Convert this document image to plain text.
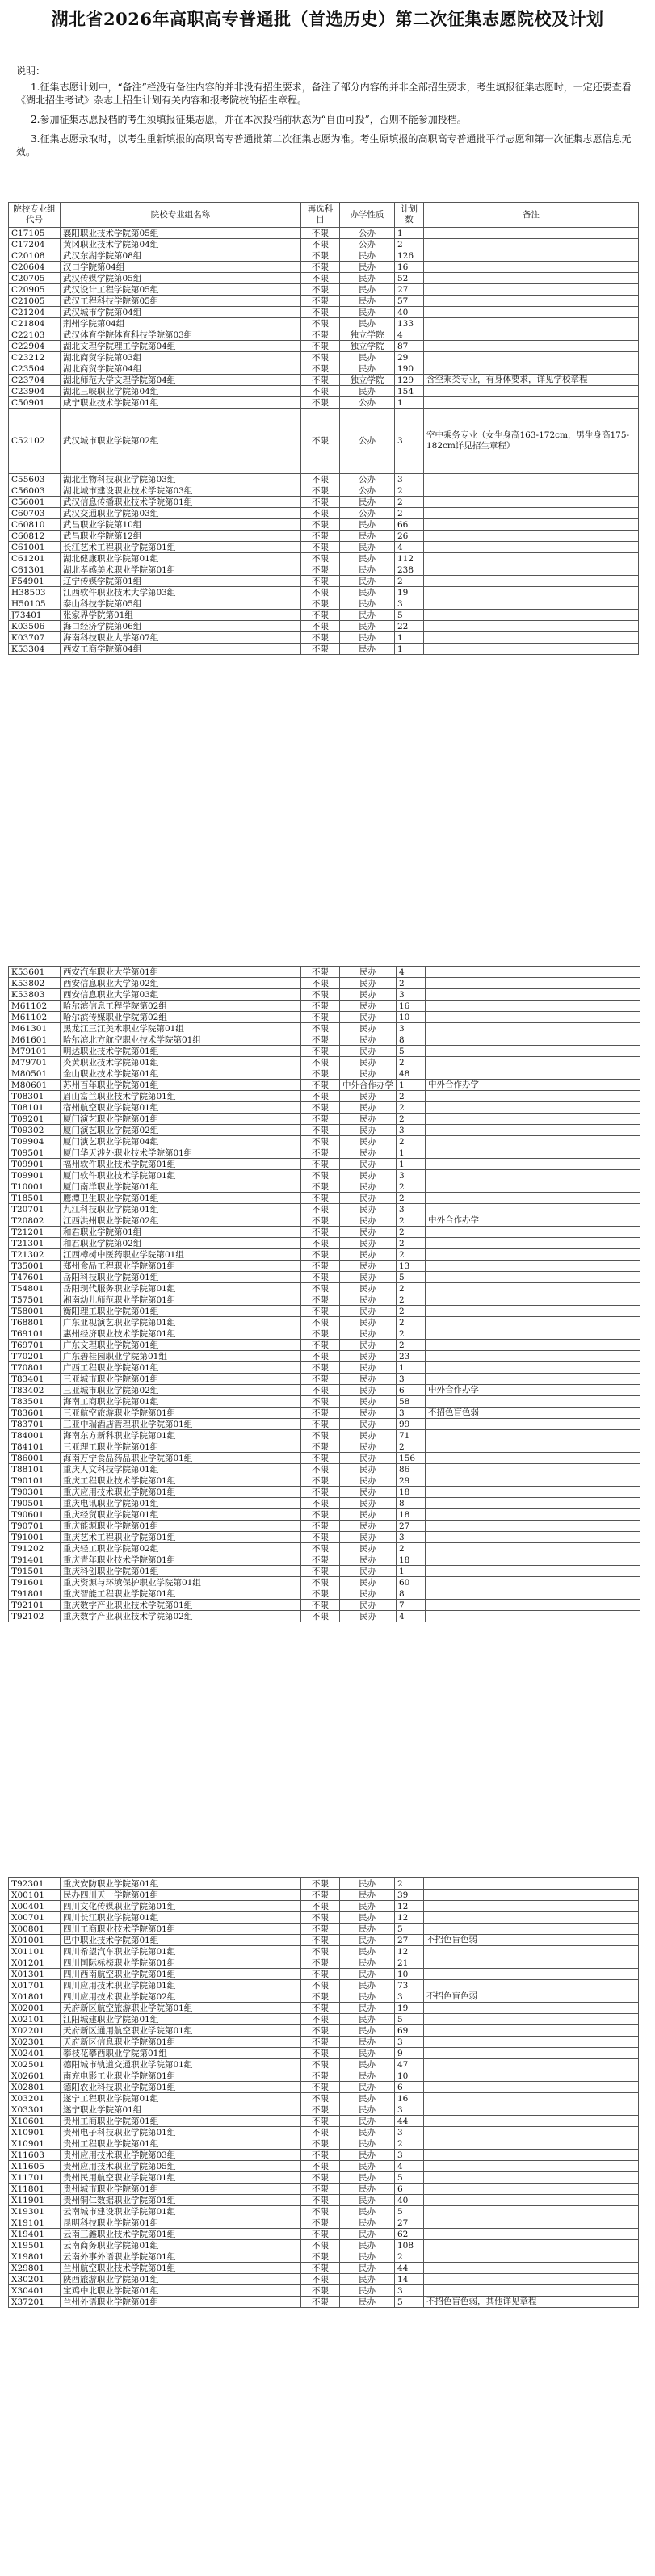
湖北省2026年高职高专普通批（首选历史）第二次征集志愿院校及计划

说明：

1.征集志愿计划中，“备注”栏没有备注内容的并非没有招生要求，备注了部分内容的并非全部招生要求，考生填报征集志愿时，一定还要查看《湖北招生考试》杂志上招生计划有关内容和报考院校的招生章程。

2.参加征集志愿投档的考生须填报征集志愿，并在本次投档前状态为“自由可投”，否则不能参加投档。

3.征集志愿录取时，以考生重新填报的高职高专普通批第二次征集志愿为准。考生原填报的高职高专普通批平行志愿和第一次征集志愿信息无效。

院校专业组代号	院校专业组名称	再选科目	办学性质	计划数	备注
C17105	襄阳职业技术学院第05组	不限	公办	1	
C17204	黄冈职业技术学院第04组	不限	公办	2	
C20108	武汉东湖学院第08组	不限	民办	126	
C20604	汉口学院第04组	不限	民办	16	
C20705	武汉传媒学院第05组	不限	民办	52	
C20905	武汉设计工程学院第05组	不限	民办	27	
C21005	武汉工程科技学院第05组	不限	民办	57	
C21204	武汉城市学院第04组	不限	民办	40	
C21804	荆州学院第04组	不限	民办	133	
C22103	武汉体育学院体育科技学院第03组	不限	独立学院	4	
C22904	湖北文理学院理工学院第04组	不限	独立学院	87	
C23212	湖北商贸学院第03组	不限	民办	29	
C23504	湖北商贸学院第04组	不限	民办	190	
C23704	湖北师范大学文理学院第04组	不限	独立学院	129	含空乘类专业，有身体要求，详见学校章程
C23904	湖北三峡职业学院第04组	不限	民办	154	
C50901	咸宁职业技术学院第01组	不限	公办	1	
C52102	武汉城市职业学院第02组	不限	公办	3	空中乘务专业（女生身高163-172cm，男生身高175-182cm详见招生章程）
C55603	湖北生物科技职业学院第03组	不限	公办	3	
C56003	湖北城市建设职业技术学院第03组	不限	公办	2	
C56001	武汉信息传播职业技术学院第01组	不限	民办	2	
C60703	武汉交通职业学院第03组	不限	公办	2	
C60810	武昌职业学院第10组	不限	民办	66	
C60812	武昌职业学院第12组	不限	民办	26	
C61001	长江艺术工程职业学院第01组	不限	民办	4	
C61201	湖北健康职业学院第01组	不限	民办	112	
C61301	湖北孝感美术职业学院第01组	不限	民办	238	
F54901	辽宁传媒学院第01组	不限	民办	2	
H38503	江西软件职业技术大学第03组	不限	民办	19	
H50105	泰山科技学院第05组	不限	民办	3	
J73401	张家界学院第01组	不限	民办	5	
K03506	海口经济学院第06组	不限	民办	22	
K03707	海南科技职业大学第07组	不限	民办	1	
K53304	西安工商学院第04组	不限	民办	1	
K53601	西安汽车职业大学第01组	不限	民办	4	
K53802	西安信息职业大学第02组	不限	民办	2	
K53803	西安信息职业大学第03组	不限	民办	3	
M61102	哈尔滨信息工程学院第02组	不限	民办	16	
M61102	哈尔滨传媒职业学院第02组	不限	民办	10	
M61301	黑龙江三江美术职业学院第01组	不限	民办	3	
M61601	哈尔滨北方航空职业技术学院第01组	不限	民办	8	
M79101	明达职业技术学院第01组	不限	民办	5	
M79701	炎黄职业技术学院第01组	不限	民办	2	
M80501	金山职业技术学院第01组	不限	民办	48	
M80601	苏州百年职业学院第01组	不限	中外合作办学	1	中外合作办学
T08301	眉山富兰职业技术学院第01组	不限	民办	2	
T08101	宿州航空职业学院第01组	不限	民办	2	
T09201	厦门演艺职业学院第01组	不限	民办	2	
T09302	厦门演艺职业学院第02组	不限	民办	3	
T09904	厦门演艺职业学院第04组	不限	民办	2	
T09501	厦门华天涉外职业技术学院第01组	不限	民办	1	
T09901	福州软件职业技术学院第01组	不限	民办	1	
T09901	厦门软件职业技术学院第01组	不限	民办	3	
T10001	厦门南洋职业学院第01组	不限	民办	2	
T18501	鹰潭卫生职业学院第01组	不限	民办	2	
T20701	九江科技职业学院第01组	不限	民办	3	
T20802	江西洪州职业学院第02组	不限	民办	2	中外合作办学
T21201	和君职业学院第01组	不限	民办	2	
T21301	和君职业学院第02组	不限	民办	2	
T21302	江西樟树中医药职业学院第01组	不限	民办	2	
T35001	郑州食品工程职业学院第01组	不限	民办	13	
T47601	岳阳科技职业学院第01组	不限	民办	5	
T54801	岳阳现代服务职业学院第01组	不限	民办	2	
T57501	湘南幼儿师范职业学院第01组	不限	民办	2	
T58001	衡阳理工职业学院第01组	不限	民办	2	
T68801	广东亚视演艺职业学院第01组	不限	民办	2	
T69101	惠州经济职业技术学院第01组	不限	民办	2	
T69701	广东文理职业学院第01组	不限	民办	2	
T70201	广东碧桂园职业学院第01组	不限	民办	23	
T70801	广西工程职业学院第01组	不限	民办	1	
T83401	三亚城市职业学院第01组	不限	民办	3	
T83402	三亚城市职业学院第02组	不限	民办	6	中外合作办学
T83501	海南工商职业学院第01组	不限	民办	58	
T83601	三亚航空旅游职业学院第01组	不限	民办	3	不招色盲色弱
T83701	三亚中瑞酒店管理职业学院第01组	不限	民办	99	
T84001	海南东方新科职业学院第01组	不限	民办	71	
T84101	三亚理工职业学院第01组	不限	民办	2	
T86001	海南万宁食品药品职业学院第01组	不限	民办	156	
T88101	重庆人文科技学院第01组	不限	民办	86	
T90101	重庆工程职业技术学院第01组	不限	民办	29	
T90301	重庆应用技术职业学院第01组	不限	民办	18	
T90501	重庆电讯职业学院第01组	不限	民办	8	
T90601	重庆经贸职业学院第01组	不限	民办	18	
T90701	重庆能源职业学院第01组	不限	民办	27	
T91001	重庆艺术工程职业学院第01组	不限	民办	3	
T91202	重庆轻工职业学院第02组	不限	民办	2	
T91401	重庆青年职业技术学院第01组	不限	民办	18	
T91501	重庆科创职业学院第01组	不限	民办	1	
T91601	重庆资源与环境保护职业学院第01组	不限	民办	60	
T91801	重庆智能工程职业学院第01组	不限	民办	8	
T92101	重庆数字产业职业技术学院第01组	不限	民办	7	
T92102	重庆数字产业职业技术学院第02组	不限	民办	4	
T92301	重庆安防职业学院第01组	不限	民办	2	
X00101	民办四川天一学院第01组	不限	民办	39	
X00401	四川文化传媒职业学院第01组	不限	民办	12	
X00701	四川长江职业学院第01组	不限	民办	12	
X00801	四川工商职业技术学院第01组	不限	民办	5	
X01001	巴中职业技术学院第01组	不限	民办	27	不招色盲色弱
X01101	四川希望汽车职业学院第01组	不限	民办	12	
X01201	四川国际标榜职业学院第01组	不限	民办	21	
X01301	四川西南航空职业学院第01组	不限	民办	10	
X01701	四川应用技术职业学院第01组	不限	民办	73	
X01801	四川应用技术职业学院第02组	不限	民办	3	不招色盲色弱
X02001	天府新区航空旅游职业学院第01组	不限	民办	19	
X02101	江阳城建职业学院第01组	不限	民办	5	
X02201	天府新区通用航空职业学院第01组	不限	民办	69	
X02301	天府新区信息职业学院第01组	不限	民办	3	
X02401	攀枝花攀西职业学院第01组	不限	民办	9	
X02501	德阳城市轨道交通职业学院第01组	不限	民办	47	
X02601	南充电影工业职业学院第01组	不限	民办	10	
X02801	德阳农业科技职业学院第01组	不限	民办	6	
X03201	遂宁工程职业学院第01组	不限	民办	16	
X03301	遂宁职业学院第01组	不限	民办	3	
X10601	贵州工商职业学院第01组	不限	民办	44	
X10901	贵州电子科技职业学院第01组	不限	民办	3	
X10901	贵州工程职业学院第01组	不限	民办	2	
X11603	贵州应用技术职业学院第03组	不限	民办	3	
X11605	贵州应用技术职业学院第05组	不限	民办	4	
X11701	贵州民用航空职业学院第01组	不限	民办	5	
X11801	贵州城市职业学院第01组	不限	民办	6	
X11901	贵州铜仁数据职业学院第01组	不限	民办	40	
X19301	云南城市建设职业学院第01组	不限	民办	5	
X19101	昆明科技职业学院第01组	不限	民办	27	
X19401	云南三鑫职业技术学院第01组	不限	民办	62	
X19501	云南商务职业学院第01组	不限	民办	108	
X19801	云南外事外语职业学院第01组	不限	民办	2	
X29801	兰州航空职业技术学院第01组	不限	民办	44	
X30201	陕西旅游职业学院第01组	不限	民办	14	
X30401	宝鸡中北职业学院第01组	不限	民办	3	
X37201	兰州外语职业学院第01组	不限	民办	5	不招色盲色弱，其他详见章程
